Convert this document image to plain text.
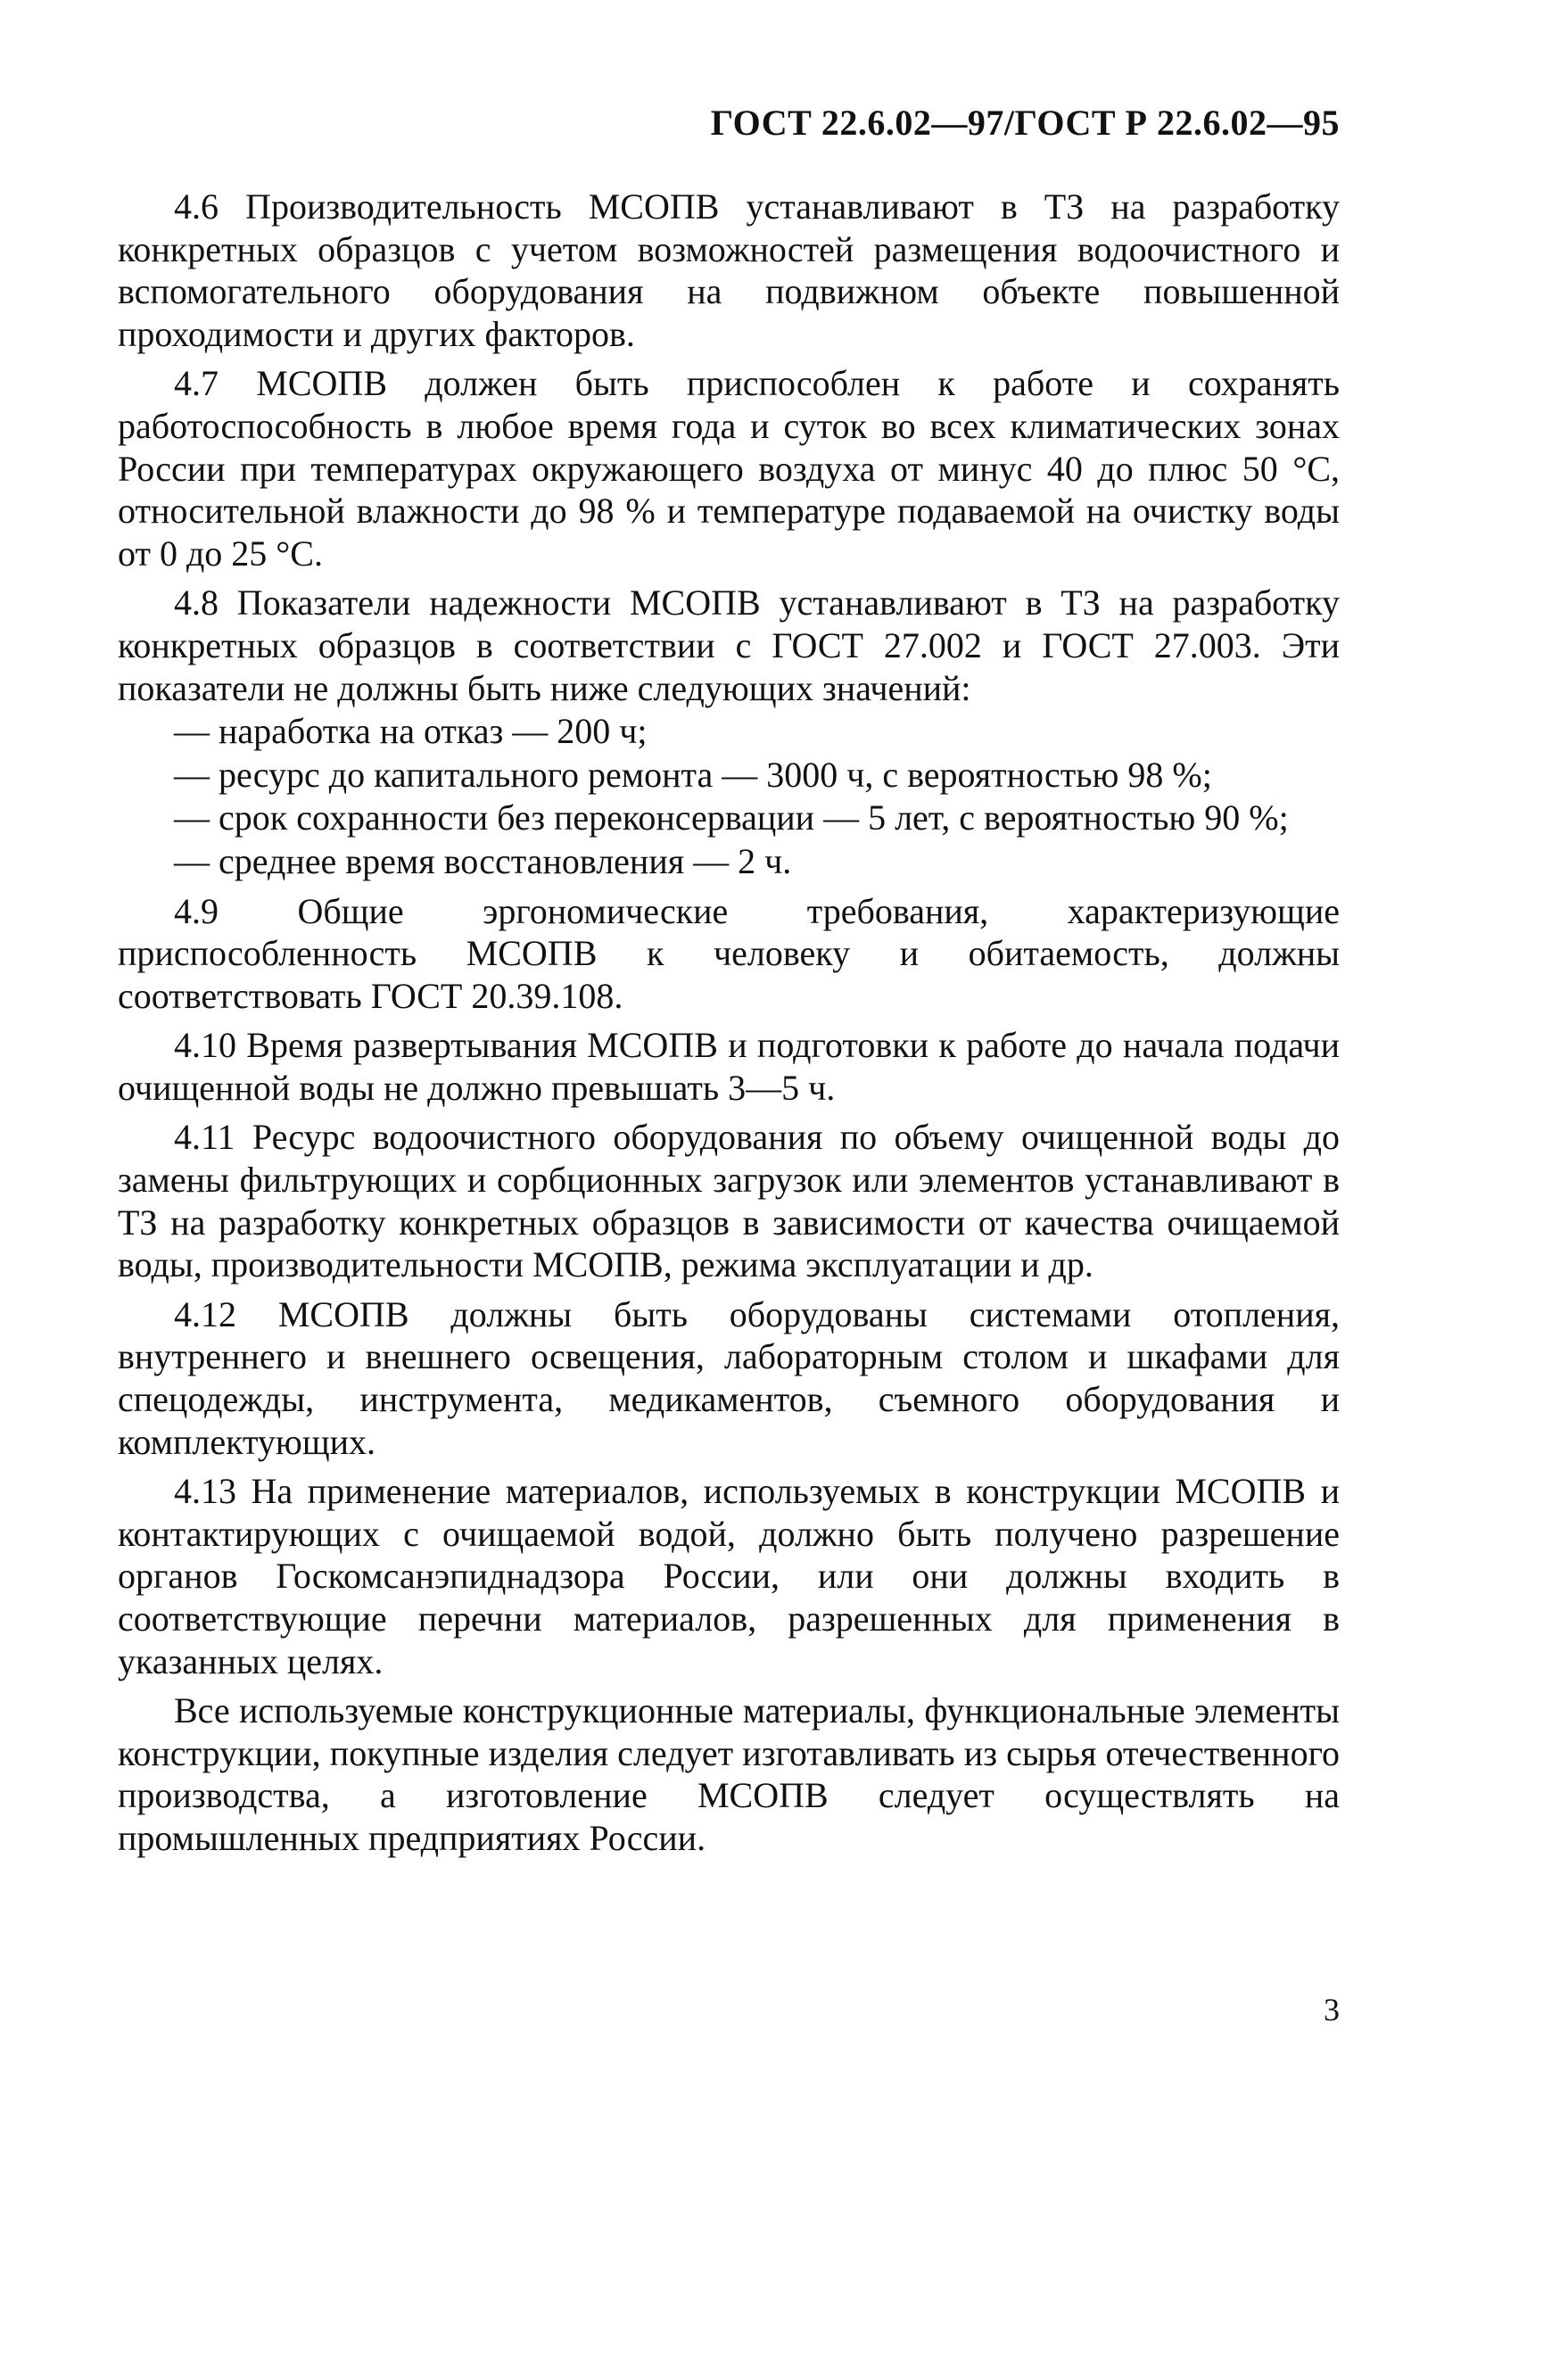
ГОСТ 22.6.02—97/ГОСТ Р 22.6.02—95

4.6 Производительность МСОПВ устанавливают в ТЗ на разработку конкретных образцов с учетом возможностей размещения водоочистного и вспомогательного оборудования на подвижном объекте повышенной проходимости и других факторов.

4.7 МСОПВ должен быть приспособлен к работе и сохранять работоспособность в любое время года и суток во всех климатических зонах России при температурах окружающего воздуха от минус 40 до плюс 50 °С, относительной влажности до 98 % и температуре подаваемой на очистку воды от 0 до 25 °С.

4.8 Показатели надежности МСОПВ устанавливают в ТЗ на разработку конкретных образцов в соответствии с ГОСТ 27.002 и ГОСТ 27.003. Эти показатели не должны быть ниже следующих значений:

— наработка на отказ — 200 ч;

— ресурс до капитального ремонта — 3000 ч, с вероятностью 98 %;

— срок сохранности без переконсервации — 5 лет, с вероятностью 90 %;

— среднее время восстановления — 2 ч.

4.9 Общие эргономические требования, характеризующие приспособленность МСОПВ к человеку и обитаемость, должны соответствовать ГОСТ 20.39.108.

4.10 Время развертывания МСОПВ и подготовки к работе до начала подачи очищенной воды не должно превышать 3—5 ч.

4.11 Ресурс водоочистного оборудования по объему очищенной воды до замены фильтрующих и сорбционных загрузок или элементов устанавливают в ТЗ на разработку конкретных образцов в зависимости от качества очищаемой воды, производительности МСОПВ, режима эксплуатации и др.

4.12 МСОПВ должны быть оборудованы системами отопления, внутреннего и внешнего освещения, лабораторным столом и шкафами для спецодежды, инструмента, медикаментов, съемного оборудования и комплектующих.

4.13 На применение материалов, используемых в конструкции МСОПВ и контактирующих с очищаемой водой, должно быть получено разрешение органов Госкомсанэпиднадзора России, или они должны входить в соответствующие перечни материалов, разрешенных для применения в указанных целях.

Все используемые конструкционные материалы, функциональные элементы конструкции, покупные изделия следует изготавливать из сырья отечественного производства, а изготовление МСОПВ следует осуществлять на промышленных предприятиях России.

3
